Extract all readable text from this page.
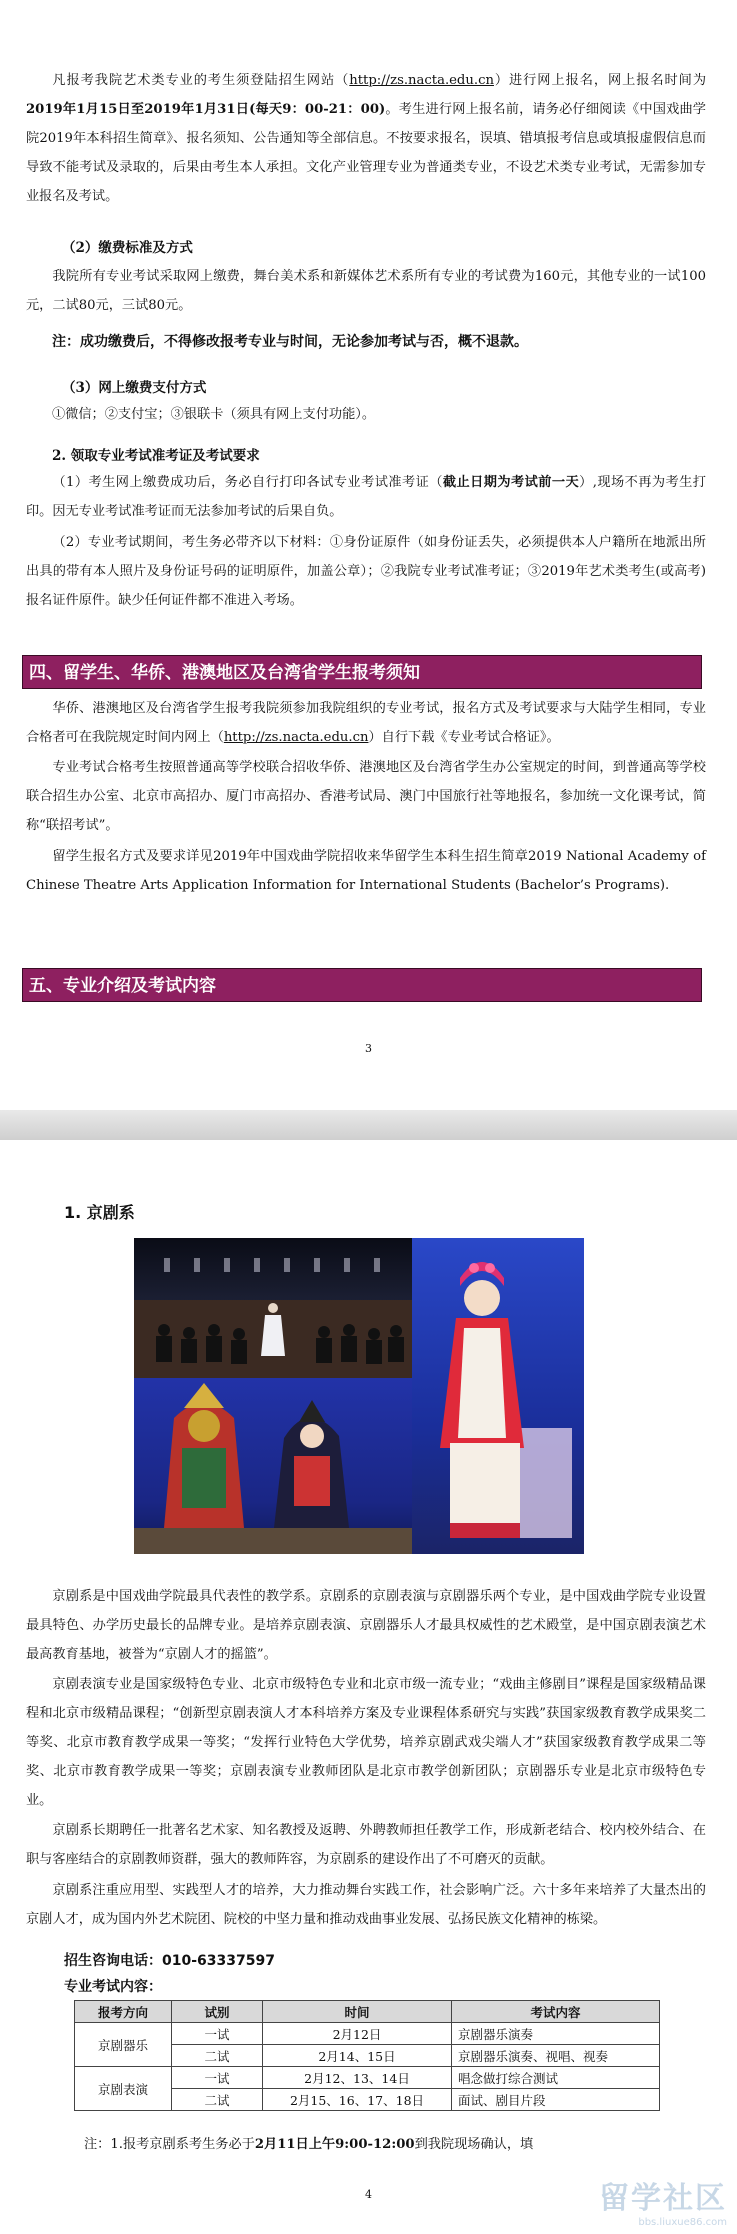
凡报考我院艺术类专业的考生须登陆招生网站（http://zs.nacta.edu.cn）进行网上报名，网上报名时间为2019年1月15日至2019年1月31日(每天9：00-21：00)。考生进行网上报名前，请务必仔细阅读《中国戏曲学院2019年本科招生简章》、报名须知、公告通知等全部信息。不按要求报名，误填、错填报考信息或填报虚假信息而导致不能考试及录取的，后果由考生本人承担。文化产业管理专业为普通类专业，不设艺术类专业考试，无需参加专业报名及考试。
（2）缴费标准及方式
我院所有专业考试采取网上缴费，舞台美术系和新媒体艺术系所有专业的考试费为160元，其他专业的一试100元，二试80元，三试80元。
注：成功缴费后，不得修改报考专业与时间，无论参加考试与否，概不退款。
（3）网上缴费支付方式
①微信；②支付宝；③银联卡（须具有网上支付功能）。
2. 领取专业考试准考证及考试要求
（1）考生网上缴费成功后，务必自行打印各试专业考试准考证（截止日期为考试前一天）,现场不再为考生打印。因无专业考试准考证而无法参加考试的后果自负。
（2）专业考试期间，考生务必带齐以下材料：①身份证原件（如身份证丢失，必须提供本人户籍所在地派出所出具的带有本人照片及身份证号码的证明原件，加盖公章）；②我院专业考试准考证；③2019年艺术类考生(或高考)报名证件原件。缺少任何证件都不准进入考场。
四、留学生、华侨、港澳地区及台湾省学生报考须知
华侨、港澳地区及台湾省学生报考我院须参加我院组织的专业考试，报名方式及考试要求与大陆学生相同，专业合格者可在我院规定时间内网上（http://zs.nacta.edu.cn）自行下载《专业考试合格证》。
专业考试合格考生按照普通高等学校联合招收华侨、港澳地区及台湾省学生办公室规定的时间，到普通高等学校联合招生办公室、北京市高招办、厦门市高招办、香港考试局、澳门中国旅行社等地报名，参加统一文化课考试，简称“联招考试”。
留学生报名方式及要求详见2019年中国戏曲学院招收来华留学生本科生招生简章2019 National Academy of Chinese Theatre Arts Application Information for International Students (Bachelor’s Programs).
五、专业介绍及考试内容
3
1. 京剧系
京剧系是中国戏曲学院最具代表性的教学系。京剧系的京剧表演与京剧器乐两个专业，是中国戏曲学院专业设置最具特色、办学历史最长的品牌专业。是培养京剧表演、京剧器乐人才最具权威性的艺术殿堂，是中国京剧表演艺术最高教育基地，被誉为“京剧人才的摇篮”。
京剧表演专业是国家级特色专业、北京市级特色专业和北京市级一流专业；“戏曲主修剧目”课程是国家级精品课程和北京市级精品课程；“创新型京剧表演人才本科培养方案及专业课程体系研究与实践”获国家级教育教学成果奖二等奖、北京市教育教学成果一等奖；“发挥行业特色大学优势，培养京剧武戏尖端人才”获国家级教育教学成果二等奖、北京市教育教学成果一等奖；京剧表演专业教师团队是北京市教学创新团队；京剧器乐专业是北京市级特色专业。
京剧系长期聘任一批著名艺术家、知名教授及返聘、外聘教师担任教学工作，形成新老结合、校内校外结合、在职与客座结合的京剧教师资群，强大的教师阵容，为京剧系的建设作出了不可磨灭的贡献。
京剧系注重应用型、实践型人才的培养，大力推动舞台实践工作，社会影响广泛。六十多年来培养了大量杰出的京剧人才，成为国内外艺术院团、院校的中坚力量和推动戏曲事业发展、弘扬民族文化精神的栋梁。
招生咨询电话：010-63337597
专业考试内容：
报考方向	试别	时间	考试内容
京剧器乐	一试	2月12日	京剧器乐演奏
	二试	2月14、15日	京剧器乐演奏、视唱、视奏
京剧表演	一试	2月12、13、14日	唱念做打综合测试
	二试	2月15、16、17、18日	面试、剧目片段
注：1.报考京剧系考生务必于2月11日上午9:00-12:00到我院现场确认，填
4	留学社区
bbs.liuxue86.com
